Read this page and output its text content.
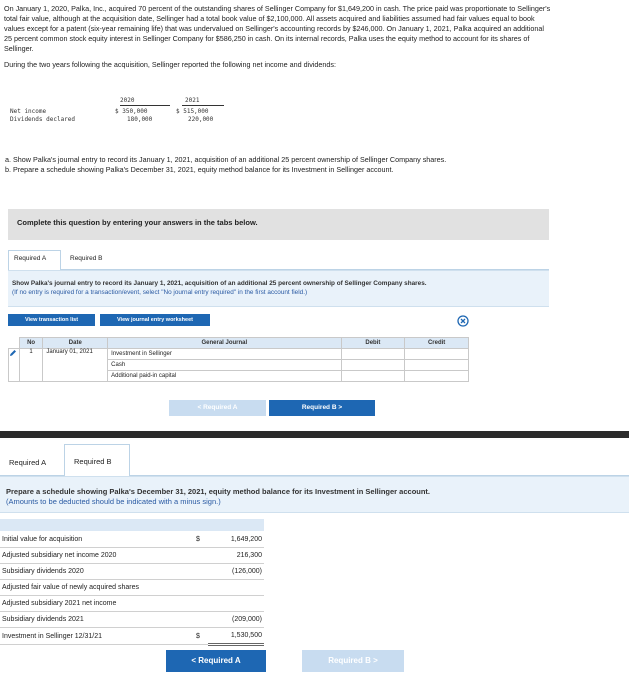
On January 1, 2020, Palka, Inc., acquired 70 percent of the outstanding shares of Sellinger Company for $1,649,200 in cash. The price paid was proportionate to Sellinger's total fair value, although at the acquisition date, Sellinger had a total book value of $2,100,000. All assets acquired and liabilities assumed had fair values equal to book values except for a patent (six-year remaining life) that was undervalued on Sellinger's accounting records by $246,000. On January 1, 2021, Palka acquired an additional 25 percent common stock equity interest in Sellinger Company for $586,250 in cash. On its internal records, Palka uses the equity method to account for its shares of Sellinger.
During the two years following the acquisition, Sellinger reported the following net income and dividends:
2020	2021
Net income	$ 350,000	$ 515,000
Dividends declared	180,000	220,000
a. Show Palka's journal entry to record its January 1, 2021, acquisition of an additional 25 percent ownership of Sellinger Company shares.
b. Prepare a schedule showing Palka's December 31, 2021, equity method balance for its Investment in Sellinger account.
Complete this question by entering your answers in the tabs below.
Required A	Required B
Show Palka's journal entry to record its January 1, 2021, acquisition of an additional 25 percent ownership of Sellinger Company shares.
(If no entry is required for a transaction/event, select "No journal entry required" in the first account field.)
View transaction list	View journal entry worksheet
	No	Date	General Journal	Debit	Credit

	1	January 01, 2021	Investment in Sellinger		
			Cash		
			Additional paid-in capital		
< Required A	Required B >
Required A	Required B
Prepare a schedule showing Palka's December 31, 2021, equity method balance for its Investment in Sellinger account.
(Amounts to be deducted should be indicated with a minus sign.)
Initial value for acquisition	$	1,649,200
Adjusted subsidiary net income 2020		216,300
Subsidiary dividends 2020		(126,000)
Adjusted fair value of newly acquired shares		
Adjusted subsidiary 2021 net income		
Subsidiary dividends 2021		(209,000)
Investment in Sellinger 12/31/21	$	1,530,500
< Required A	Required B >
